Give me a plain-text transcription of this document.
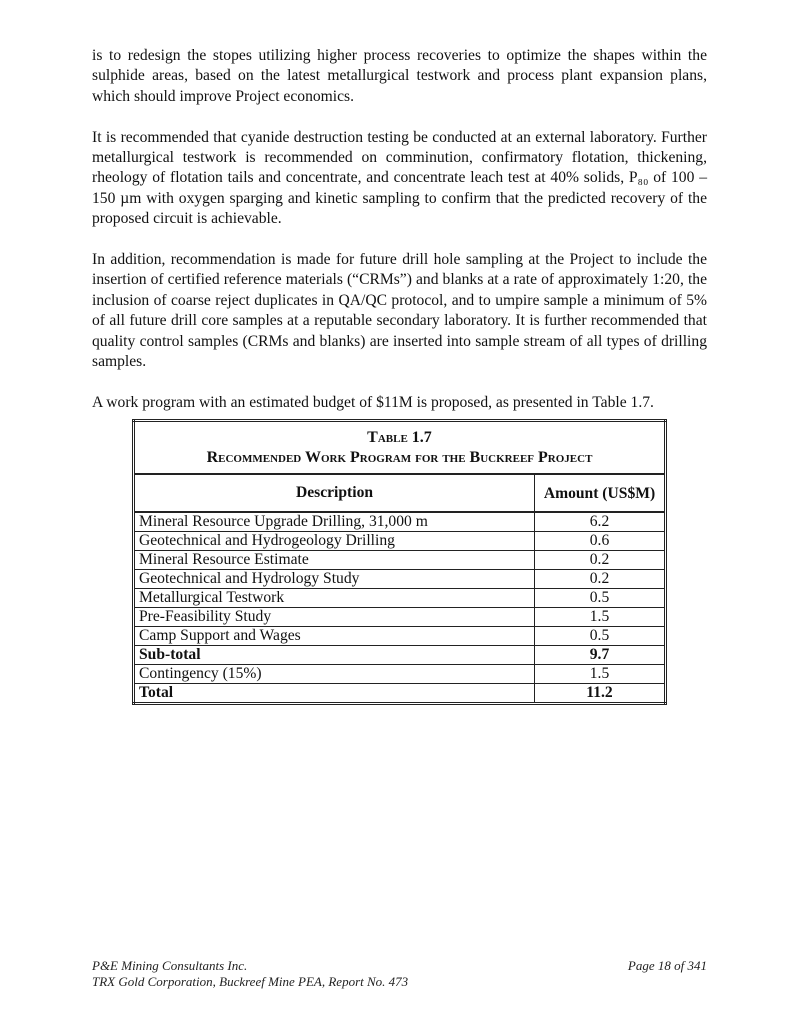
is to redesign the stopes utilizing higher process recoveries to optimize the shapes within the sulphide areas, based on the latest metallurgical testwork and process plant expansion plans, which should improve Project economics.

It is recommended that cyanide destruction testing be conducted at an external laboratory. Further metallurgical testwork is recommended on comminution, confirmatory flotation, thickening, rheology of flotation tails and concentrate, and concentrate leach test at 40% solids, P₈₀ of 100 – 150 µm with oxygen sparging and kinetic sampling to confirm that the predicted recovery of the proposed circuit is achievable.

In addition, recommendation is made for future drill hole sampling at the Project to include the insertion of certified reference materials (“CRMs”) and blanks at a rate of approximately 1:20, the inclusion of coarse reject duplicates in QA/QC protocol, and to umpire sample a minimum of 5% of all future drill core samples at a reputable secondary laboratory. It is further recommended that quality control samples (CRMs and blanks) are inserted into sample stream of all types of drilling samples.

A work program with an estimated budget of $11M is proposed, as presented in Table 1.7.

Table 1.7
Recommended Work Program for the Buckreef Project	

Description	Amount (US$M)
Mineral Resource Upgrade Drilling, 31,000 m	6.2
Geotechnical and Hydrogeology Drilling	0.6
Mineral Resource Estimate	0.2
Geotechnical and Hydrology Study	0.2
Metallurgical Testwork	0.5
Pre-Feasibility Study	1.5
Camp Support and Wages	0.5
Sub-total	9.7
Contingency (15%)	1.5
Total	11.2
P&E Mining Consultants Inc.
TRX Gold Corporation, Buckreef Mine PEA, Report No. 473
Page 18 of 341
